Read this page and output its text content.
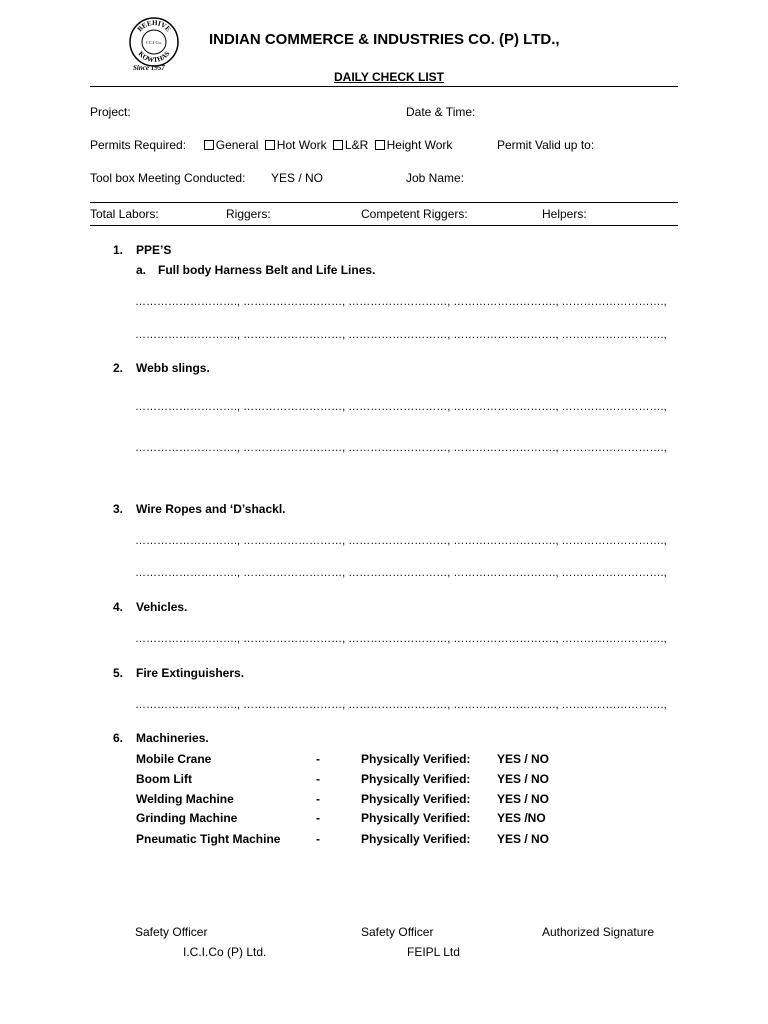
BEEHIVE
KOWTHAS
I.C.I.Co.
Since 1957
INDIAN COMMERCE & INDUSTRIES CO. (P) LTD.,
DAILY CHECK LIST
Project:	Date & Time:
Permits Required: General Hot Work L&R Height Work	Permit Valid up to:
Tool box Meeting Conducted: YES / NO	Job Name:
Total Labors:	Riggers:	Competent Riggers:	Helpers:
1. PPE’S
a. Full body Harness Belt and Life Lines.
………………………., ………………………, ………………………, ………………………., ……………………….,
………………………., ………………………, ………………………, ………………………., ……………………….,
2. Webb slings.
………………………., ………………………, ………………………, ………………………., ……………………….,
………………………., ………………………, ………………………, ………………………., ……………………….,
3. Wire Ropes and ‘D’shackl.
………………………., ………………………, ………………………, ………………………., ……………………….,
………………………., ………………………, ………………………, ………………………., ……………………….,
4. Vehicles.
………………………., ………………………, ………………………, ………………………., ……………………….,
5. Fire Extinguishers.
………………………., ………………………, ………………………, ………………………., ……………………….,
6. Machineries.
Mobile Crane	-	Physically Verified: YES / NO
Boom Lift	-	Physically Verified: YES / NO
Welding Machine	-	Physically Verified: YES / NO
Grinding Machine	-	Physically Verified: YES /NO
Pneumatic Tight Machine	-	Physically Verified: YES / NO
Safety Officer
I.C.I.Co (P) Ltd.
Safety Officer
FEIPL Ltd
Authorized Signature
